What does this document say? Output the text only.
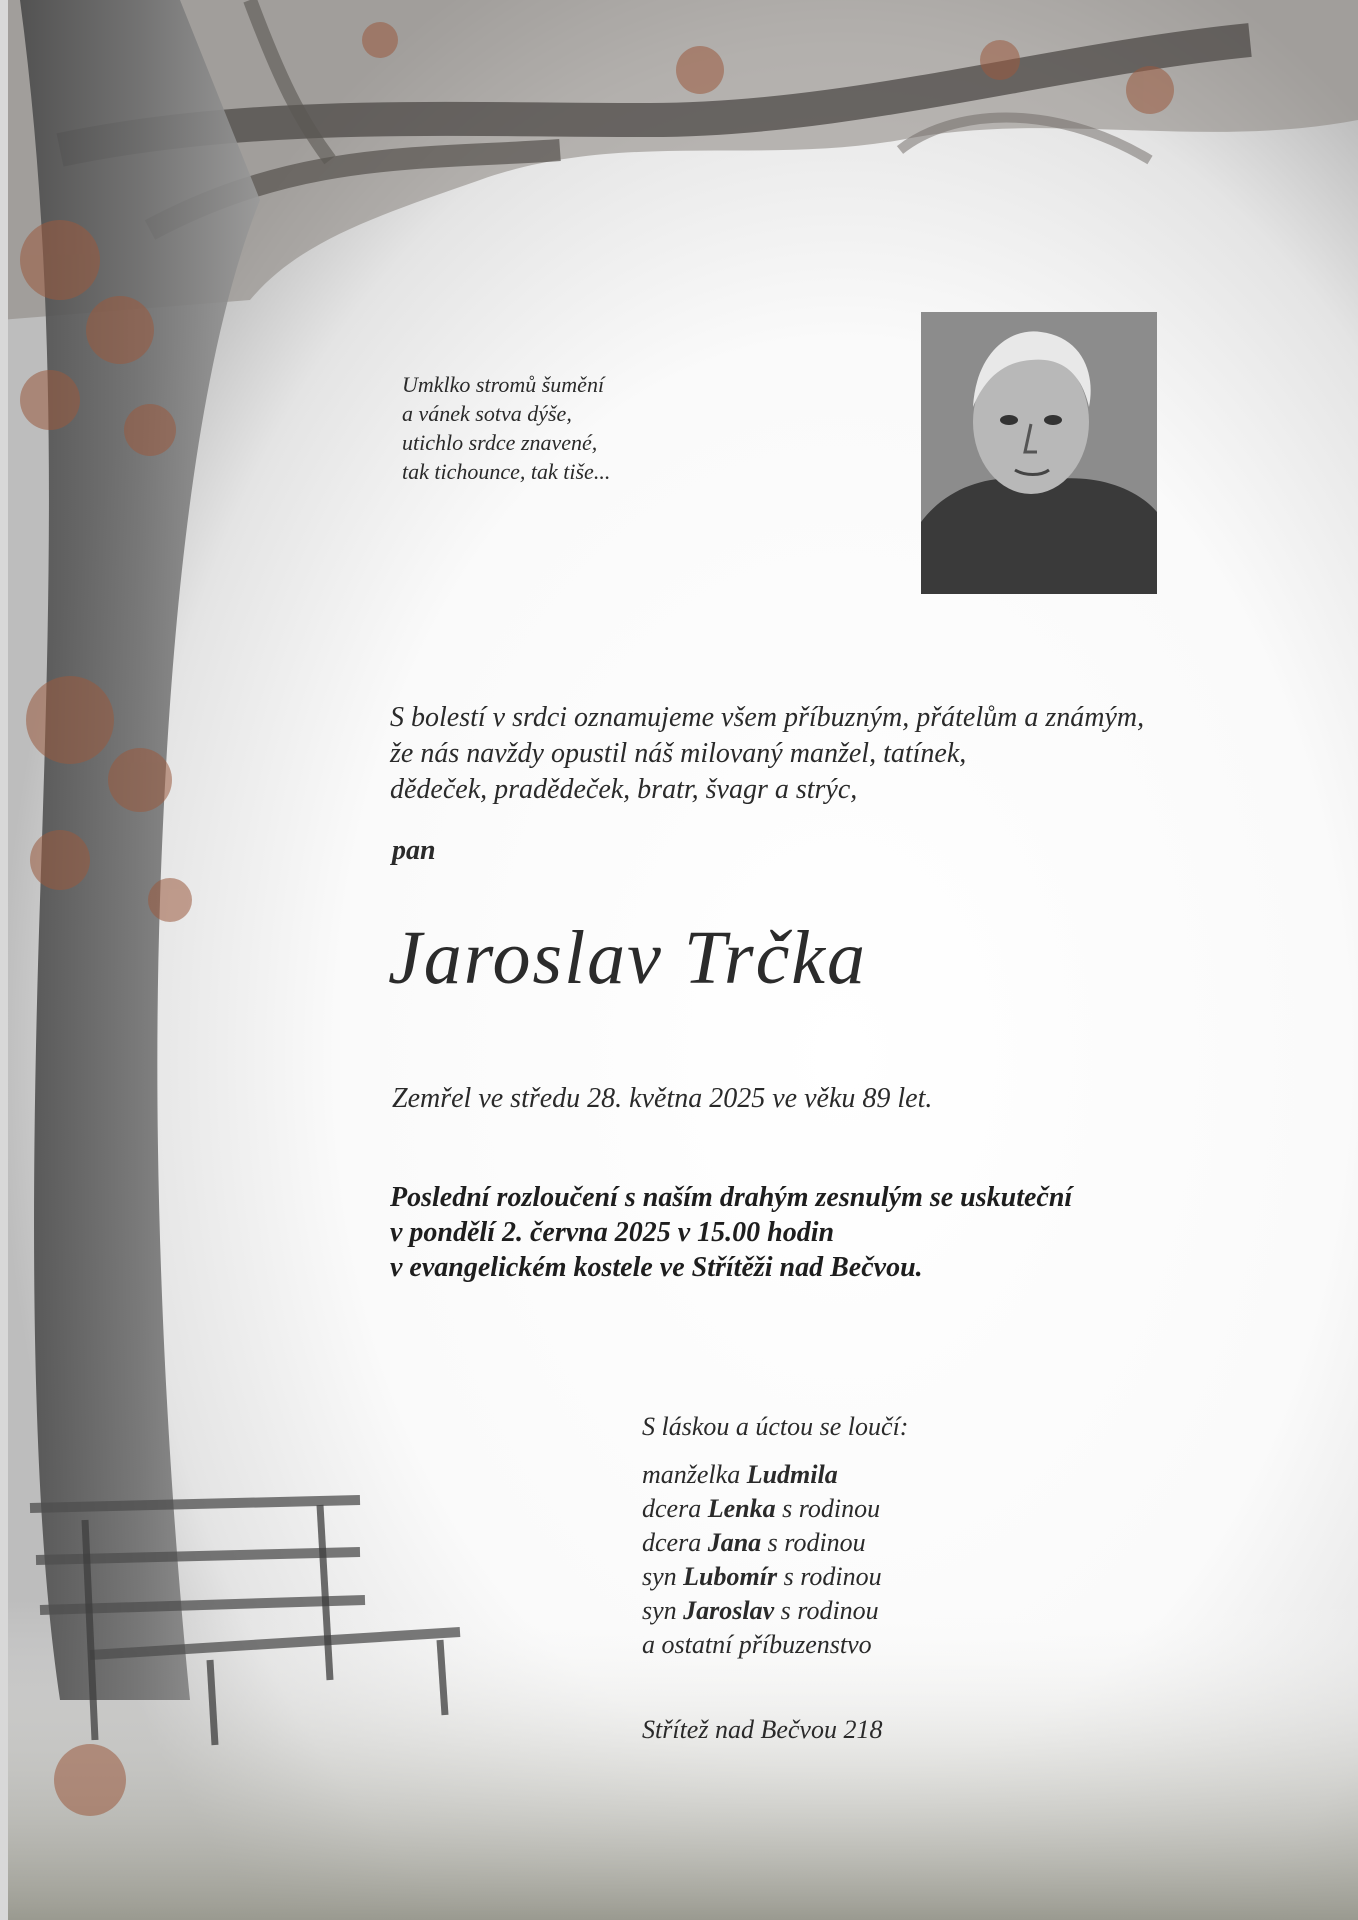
Umklko stromů šumění
a vánek sotva dýše,
utichlo srdce znavené,
tak tichounce, tak tiše...
S bolestí v srdci oznamujeme všem příbuzným, přátelům a známým,
že nás navždy opustil náš milovaný manžel, tatínek,
dědeček, pradědeček, bratr, švagr a strýc,
pan
Jaroslav Trčka
Zemřel ve středu 28. května 2025 ve věku 89 let.
Poslední rozloučení s naším drahým zesnulým se uskuteční
v pondělí 2. června 2025 v 15.00 hodin
v evangelickém kostele ve Střítěži nad Bečvou.
S láskou a úctou se loučí:
manželka Ludmila
dcera Lenka s rodinou
dcera Jana s rodinou
syn Lubomír s rodinou
syn Jaroslav s rodinou
a ostatní příbuzenstvo
Střítež nad Bečvou 218
